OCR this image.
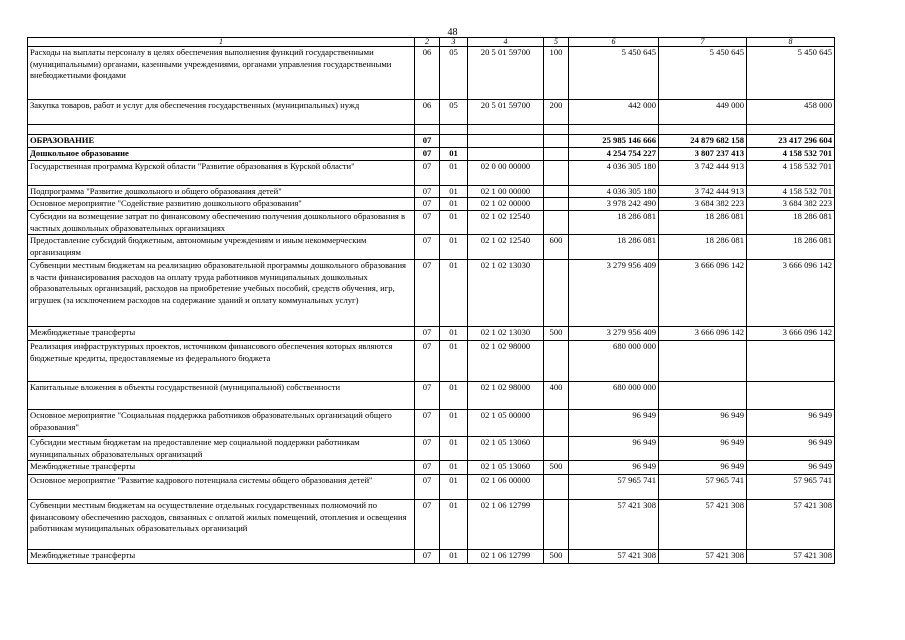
48
1	2	3	4	5	6	7	8
Расходы на выплаты персоналу в целях обеспечения выполнения функций государственными (муниципальными) органами, казенными учреждениями, органами управления государственными внебюджетными фондами	06	05	20 5 01 59700	100	5 450 645	5 450 645	5 450 645
Закупка товаров, работ и услуг для обеспечения государственных (муниципальных) нужд	06	05	20 5 01 59700	200	442 000	449 000	458 000

ОБРАЗОВАНИЕ	07				25 985 146 666	24 879 682 158	23 417 296 604
Дошкольное образование	07	01			4 254 754 227	3 807 237 413	4 158 532 701
Государственная программа Курской области "Развитие образования в Курской области"	07	01	02 0 00 00000		4 036 305 180	3 742 444 913	4 158 532 701
Подпрограмма "Развитие дошкольного и общего образования детей"	07	01	02 1 00 00000		4 036 305 180	3 742 444 913	4 158 532 701
Основное мероприятие "Содействие развитию дошкольного образования"	07	01	02 1 02 00000		3 978 242 490	3 684 382 223	3 684 382 223
Субсидии на возмещение затрат по финансовому обеспечению получения дошкольного образования в частных дошкольных образовательных организациях	07	01	02 1 02 12540		18 286 081	18 286 081	18 286 081
Предоставление субсидий бюджетным, автономным учреждениям и иным некоммерческим организациям	07	01	02 1 02 12540	600	18 286 081	18 286 081	18 286 081
Субвенции местным бюджетам на реализацию образовательной программы дошкольного образования в части финансирования расходов на оплату труда работников муниципальных дошкольных образовательных организаций, расходов на приобретение учебных пособий, средств обучения, игр, игрушек (за исключением расходов на содержание зданий и оплату коммунальных услуг)	07	01	02 1 02 13030		3 279 956 409	3 666 096 142	3 666 096 142
Межбюджетные трансферты	07	01	02 1 02 13030	500	3 279 956 409	3 666 096 142	3 666 096 142
Реализация инфраструктурных проектов, источником финансового обеспечения которых являются бюджетные кредиты, предоставляемые из федерального бюджета	07	01	02 1 02 98000		680 000 000		
Капитальные вложения в объекты государственной (муниципальной) собственности	07	01	02 1 02 98000	400	680 000 000		
Основное мероприятие "Социальная поддержка работников образовательных организаций общего образования"	07	01	02 1 05 00000		96 949	96 949	96 949
Субсидии местным бюджетам на предоставление мер социальной поддержки работникам муниципальных образовательных организаций	07	01	02 1 05 13060		96 949	96 949	96 949
Межбюджетные трансферты	07	01	02 1 05 13060	500	96 949	96 949	96 949
Основное мероприятие "Развитие кадрового потенциала системы общего образования детей"	07	01	02 1 06 00000		57 965 741	57 965 741	57 965 741
Субвенции местным бюджетам на осуществление отдельных государственных полномочий по финансовому обеспечению расходов, связанных с оплатой жилых помещений, отопления и освещения работникам муниципальных образовательных организаций	07	01	02 1 06 12799		57 421 308	57 421 308	57 421 308
Межбюджетные трансферты	07	01	02 1 06 12799	500	57 421 308	57 421 308	57 421 308
